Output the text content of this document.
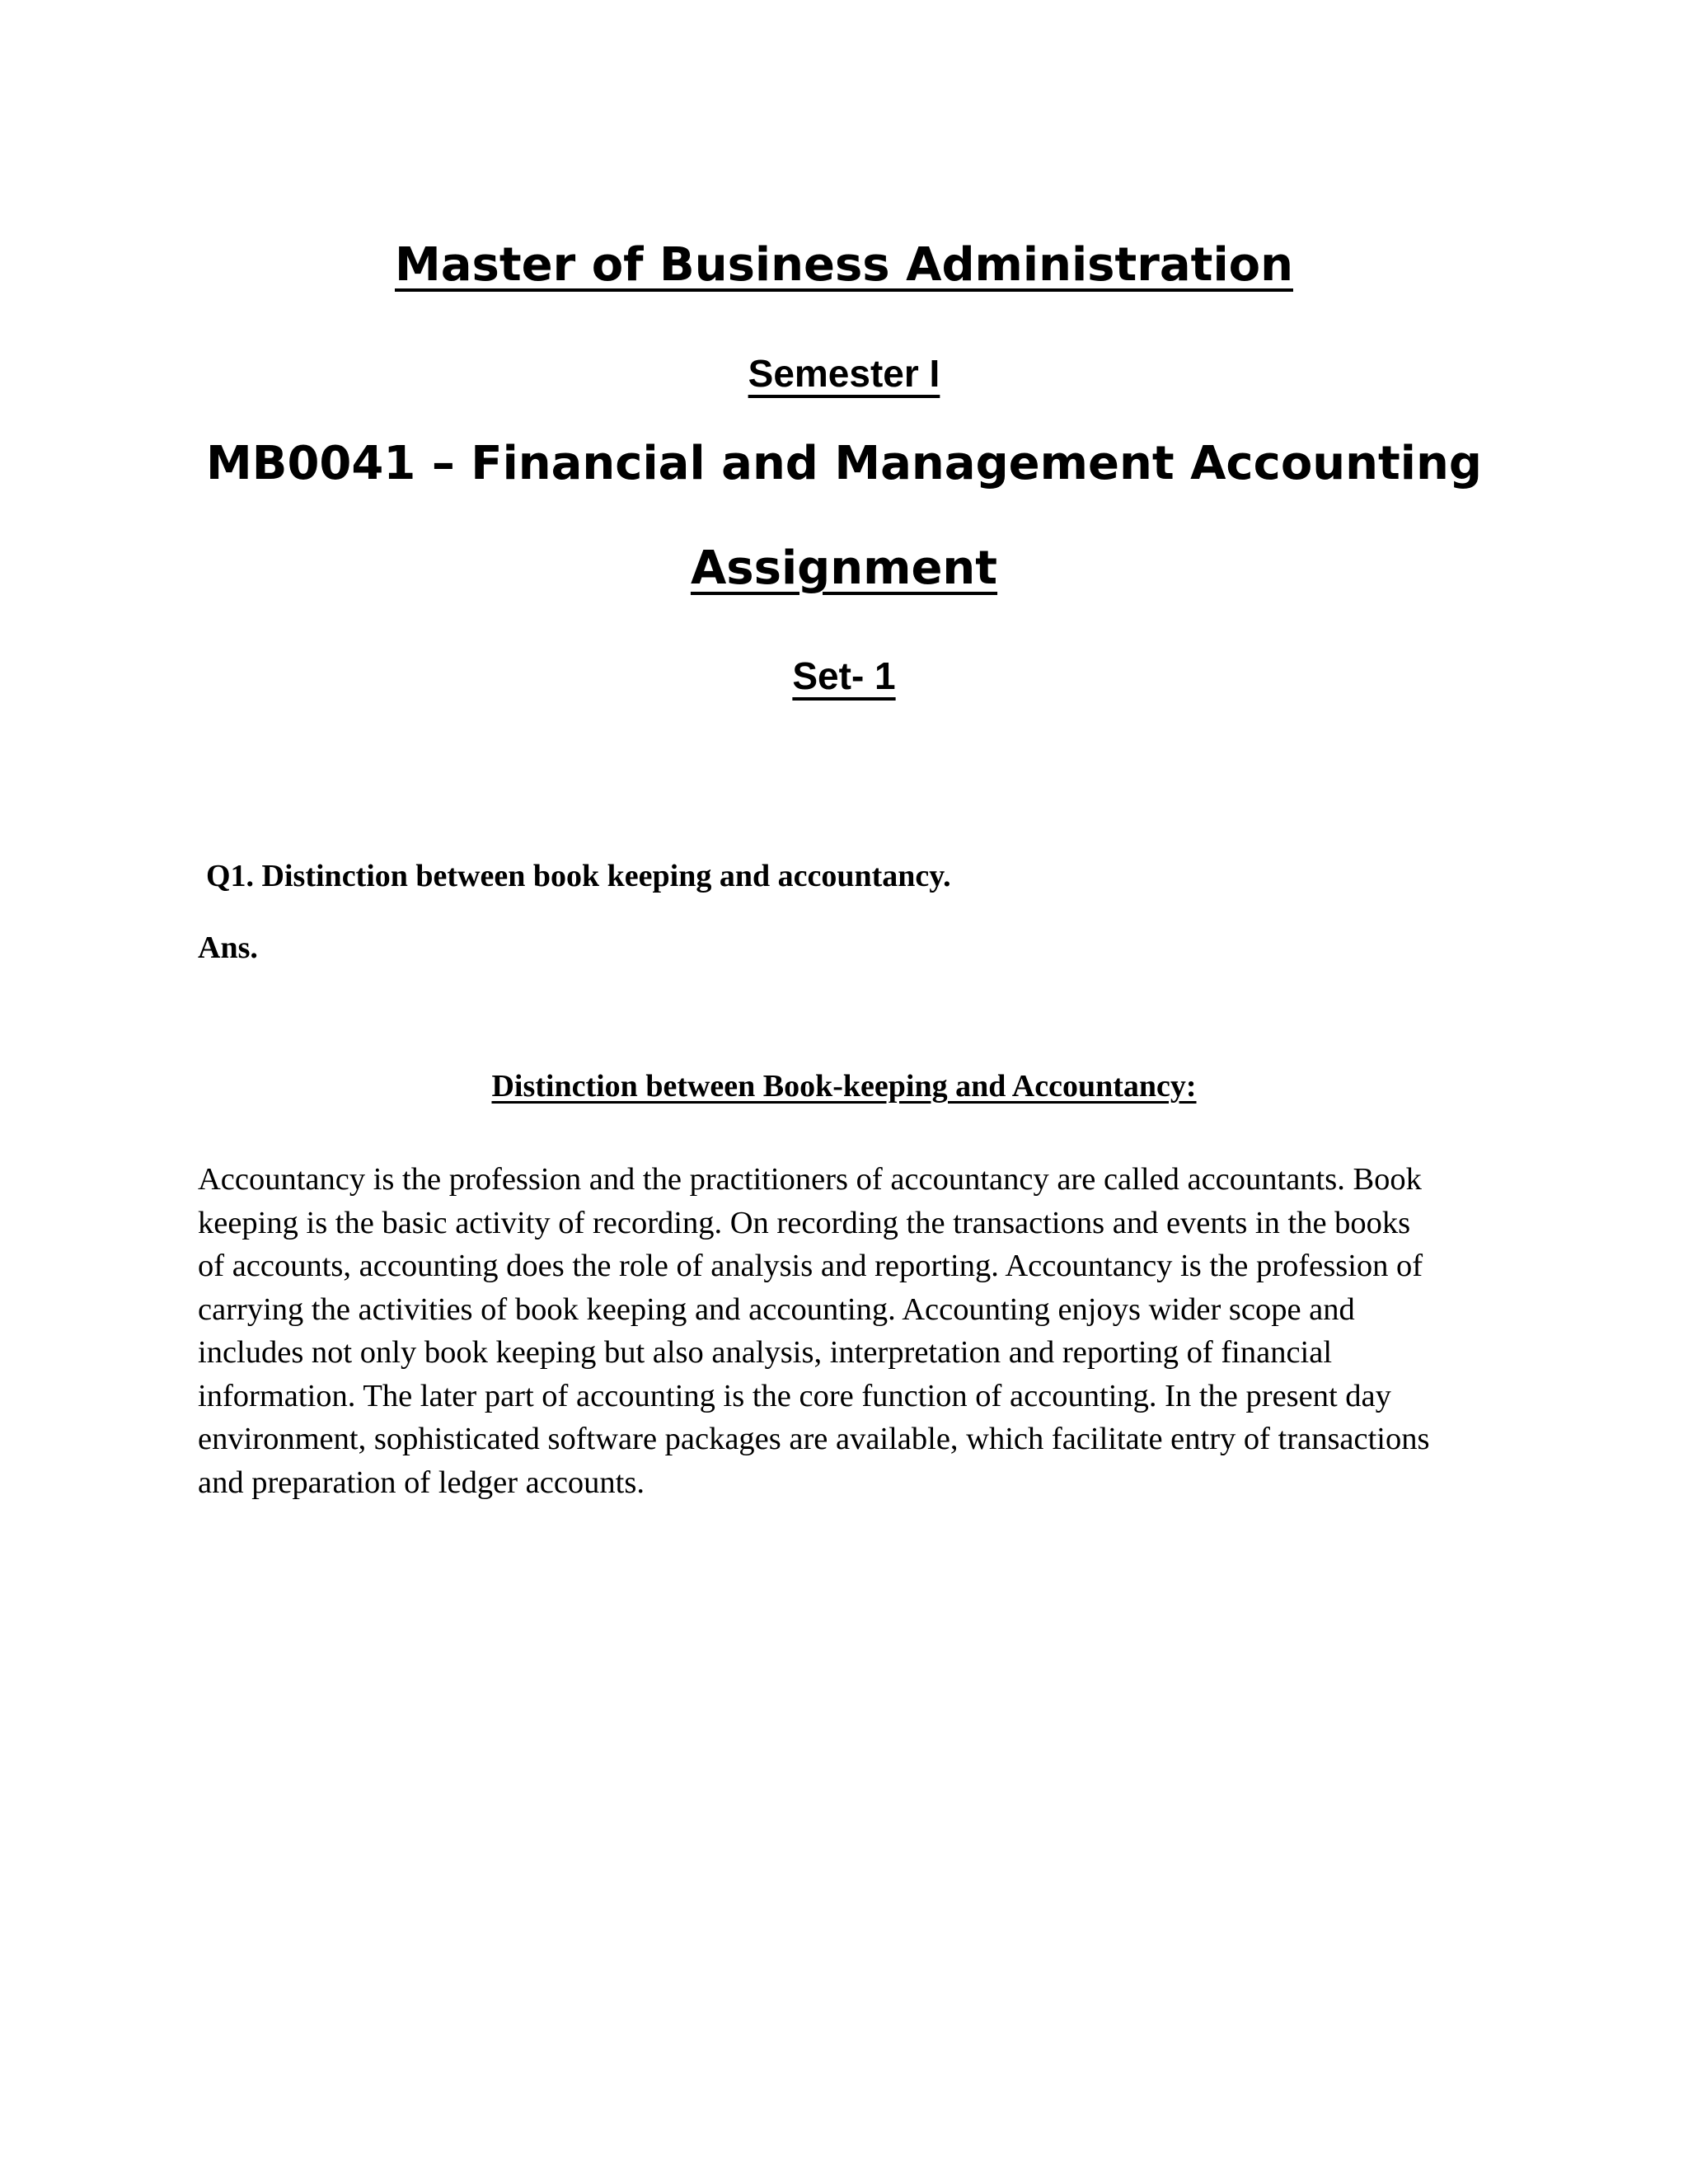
Master of Business Administration
Semester I
MB0041 – Financial and Management Accounting
Assignment
Set- 1

Q1. Distinction between book keeping and accountancy.

Ans.

Distinction between Book-keeping and Accountancy:

Accountancy is the profession and the practitioners of accountancy are called accountants. Book
keeping is the basic activity of recording. On recording the transactions and events in the books
of accounts, accounting does the role of analysis and reporting. Accountancy is the profession of
carrying the activities of book keeping and accounting. Accounting enjoys wider scope and
includes not only book keeping but also analysis, interpretation and reporting of financial
information. The later part of accounting is the core function of accounting. In the present day
environment, sophisticated software packages are available, which facilitate entry of transactions
and preparation of ledger accounts.
